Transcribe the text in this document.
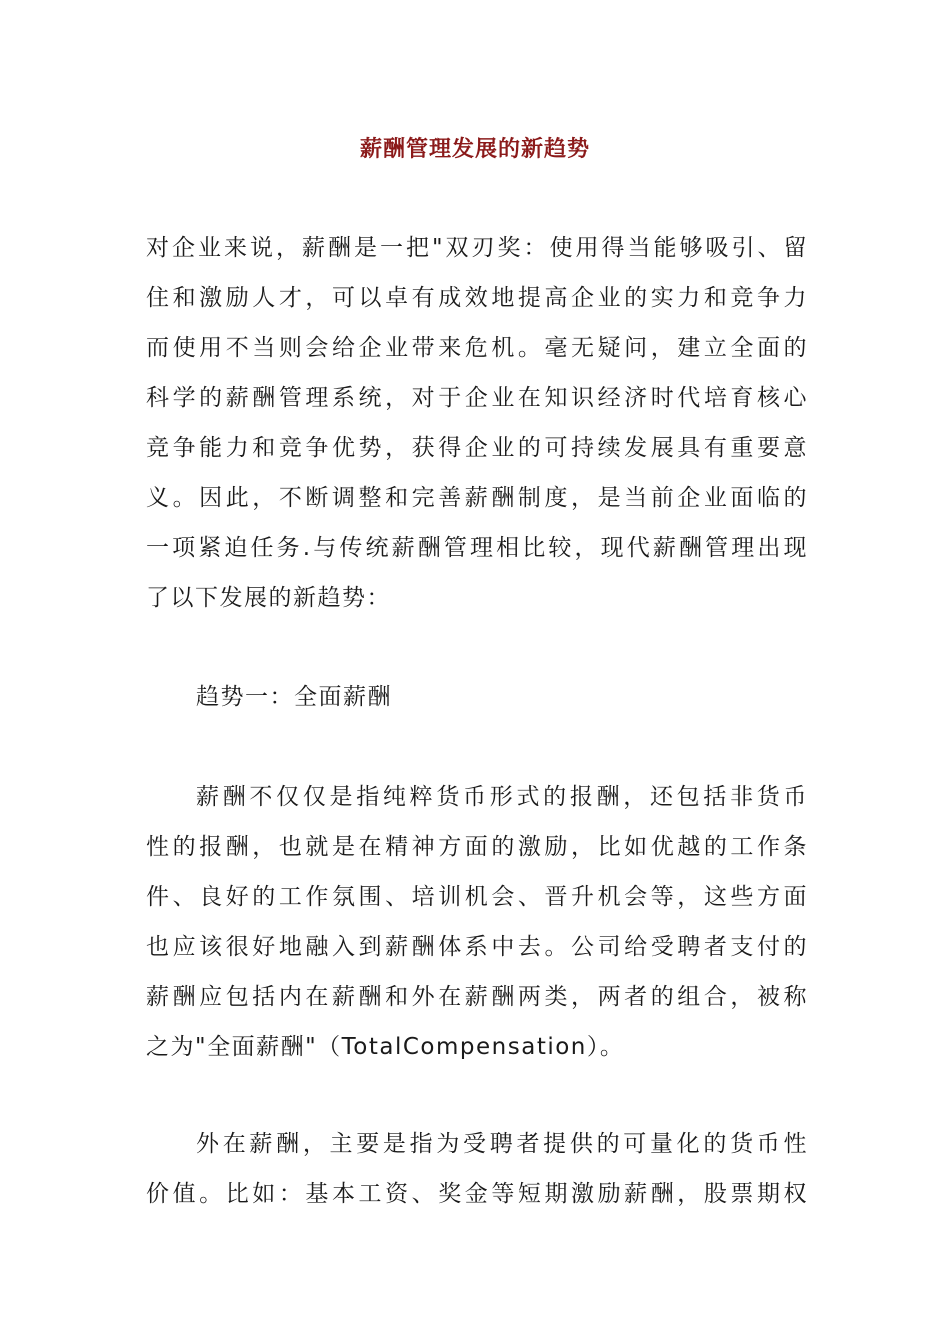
薪酬管理发展的新趋势
对企业来说，薪酬是一把"双刃奖：使用得当能够吸引、留
住和激励人才，可以卓有成效地提高企业的实力和竞争力
而使用不当则会给企业带来危机。毫无疑问，建立全面的
科学的薪酬管理系统，对于企业在知识经济时代培育核心
竞争能力和竞争优势，获得企业的可持续发展具有重要意
义。因此，不断调整和完善薪酬制度，是当前企业面临的
一项紧迫任务.与传统薪酬管理相比较，现代薪酬管理出现
了以下发展的新趋势：
趋势一：全面薪酬
薪酬不仅仅是指纯粹货币形式的报酬，还包括非货币
性的报酬，也就是在精神方面的激励，比如优越的工作条
件、良好的工作氛围、培训机会、晋升机会等，这些方面
也应该很好地融入到薪酬体系中去。公司给受聘者支付的
薪酬应包括内在薪酬和外在薪酬两类，两者的组合，被称
之为"全面薪酬"（TotalCompensation）。
外在薪酬，主要是指为受聘者提供的可量化的货币性
价值。比如：基本工资、奖金等短期激励薪酬，股票期权
